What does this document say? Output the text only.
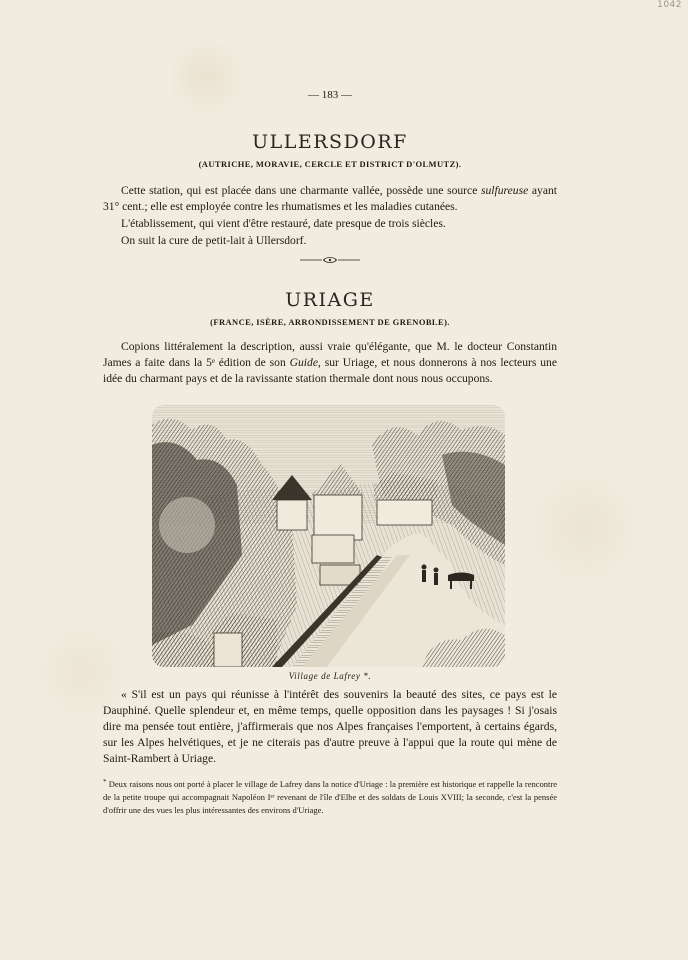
1042
— 183 —
ULLERSDORF
(AUTRICHE, MORAVIE, CERCLE ET DISTRICT D'OLMUTZ).

Cette station, qui est placée dans une charmante vallée, possède une source sulfureuse ayant 31° cent.; elle est employée contre les rhumatismes et les maladies cutanées.

L'établissement, qui vient d'être restauré, date presque de trois siècles.

On suit la cure de petit-lait à Ullersdorf.

URIAGE
(FRANCE, ISÈRE, ARRONDISSEMENT DE GRENOBLE).

Copions littéralement la description, aussi vraie qu'élégante, que M. le docteur Constantin James a faite dans la 5ᵉ édition de son Guide, sur Uriage, et nous donnerons à nos lecteurs une idée du charmant pays et de la ravissante station thermale dont nous nous occupons.

Village de Lafrey *.

« S'il est un pays qui réunisse à l'intérêt des souvenirs la beauté des sites, ce pays est le Dauphiné. Quelle splendeur et, en même temps, quelle opposition dans les paysages ! Si j'osais dire ma pensée tout entière, j'affirmerais que nos Alpes françaises l'emportent, à certains égards, sur les Alpes helvétiques, et je ne citerais pas d'autre preuve à l'appui que la route qui mène de Saint-Rambert à Uriage.

* Deux raisons nous ont porté à placer le village de Lafrey dans la notice d'Uriage : la première est historique et rappelle la rencontre de la petite troupe qui accompagnait Napoléon Iᵉʳ revenant de l'île d'Elbe et des soldats de Louis XVIII; la seconde, c'est la pensée d'offrir une des vues les plus intéressantes des environs d'Uriage.
